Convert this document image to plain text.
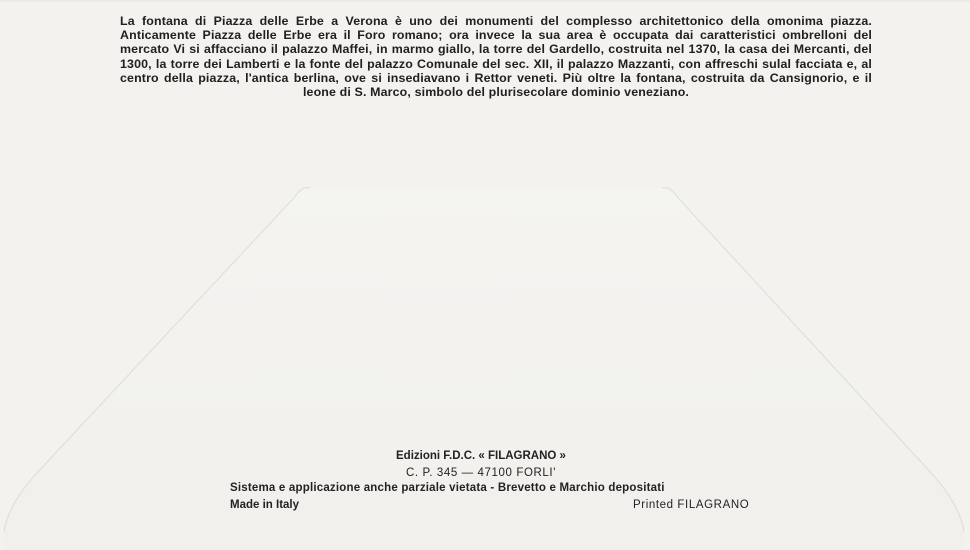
La fontana di Piazza delle Erbe a Verona è uno dei monumenti del complesso architettonico della omonima piazza. Anticamente Piazza delle Erbe era il Foro romano; ora invece la sua area è occupata dai caratteristici ombrelloni del mercato Vi si affacciano il palazzo Maffei, in marmo giallo, la torre del Gardello, costruita nel 1370, la casa dei Mercanti, del 1300, la torre dei Lamberti e la fonte del palazzo Comunale del sec. XII, il palazzo Mazzanti, con affreschi sulal facciata e, al centro della piazza, l'antica berlina, ove si insediavano i Rettor veneti. Più oltre la fontana, costruita da Cansignorio, e il leone di S. Marco, simbolo del plurisecolare dominio veneziano.

Edizioni F.D.C. « FILAGRANO »
C. P. 345 — 47100 FORLI'
Sistema e applicazione anche parziale vietata - Brevetto e Marchio depositati
Made in Italy	Printed FILAGRANO
